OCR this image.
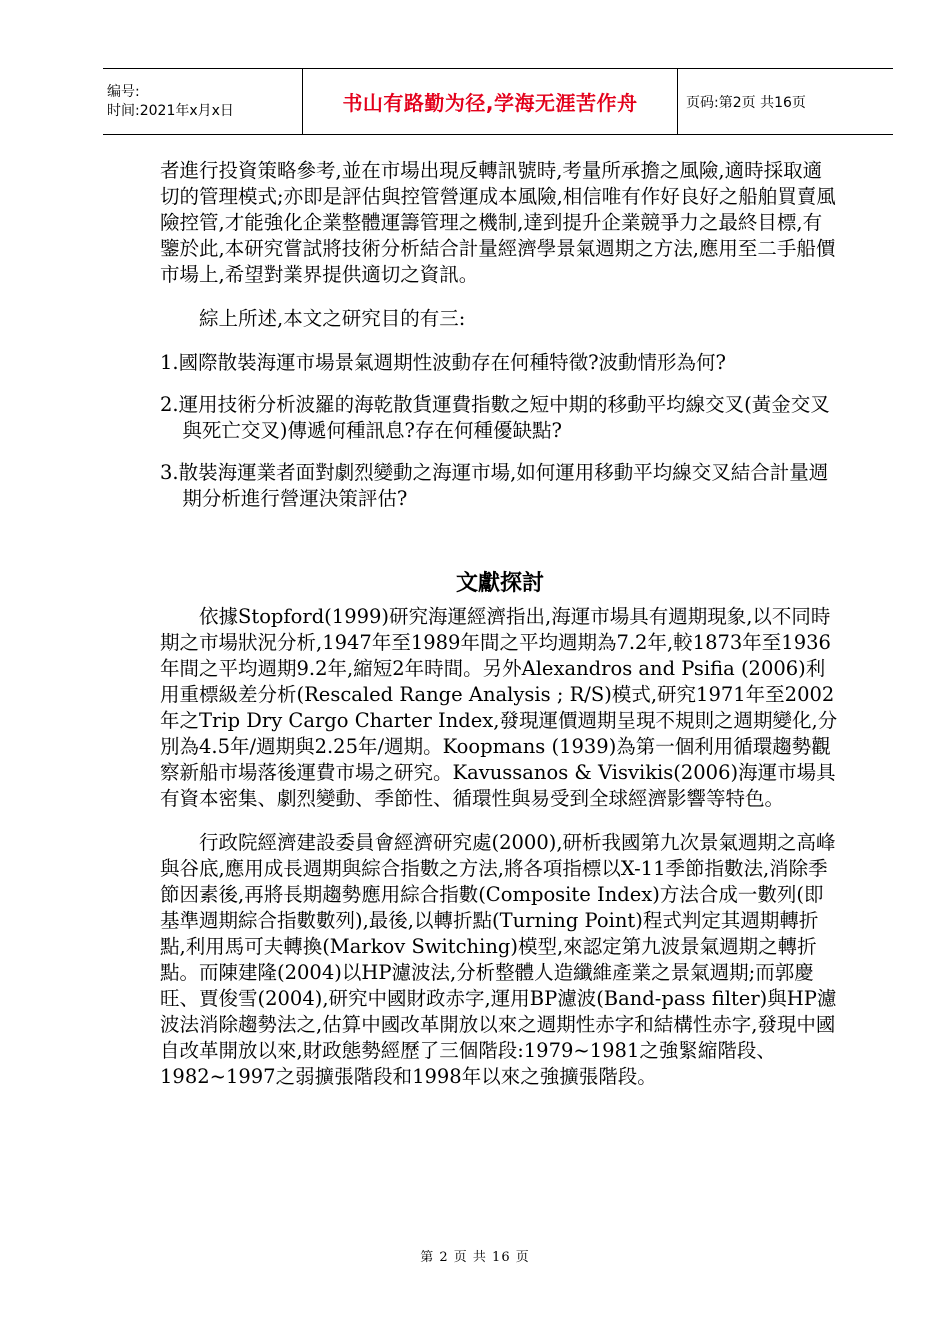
编号:
时间:2021年x月x日	书山有路勤为径,学海无涯苦作舟	页码:第2页 共16页

者進行投資策略參考,並在市場出現反轉訊號時,考量所承擔之風險,適時採取適切的管理模式;亦即是評估與控管營運成本風險,相信唯有作好良好之船舶買賣風險控管,才能強化企業整體運籌管理之機制,達到提升企業競爭力之最終目標,有鑒於此,本研究嘗試將技術分析結合計量經濟學景氣週期之方法,應用至二手船價市場上,希望對業界提供適切之資訊。

綜上所述,本文之研究目的有三:

1.國際散裝海運市場景氣週期性波動存在何種特徵?波動情形為何?

2.運用技術分析波羅的海乾散貨運費指數之短中期的移動平均線交叉(黃金交叉與死亡交叉)傳遞何種訊息?存在何種優缺點?

3.散裝海運業者面對劇烈變動之海運市場,如何運用移動平均線交叉結合計量週期分析進行營運決策評估?

文獻探討

依據Stopford(1999)研究海運經濟指出,海運市場具有週期現象,以不同時期之市場狀況分析,1947年至1989年間之平均週期為7.2年,較1873年至1936年間之平均週期9.2年,縮短2年時間。另外Alexandros and Psifia (2006)利用重標級差分析(Rescaled Range Analysis ; R/S)模式,研究1971年至2002年之Trip Dry Cargo Charter Index,發現運價週期呈現不規則之週期變化,分別為4.5年/週期與2.25年/週期。Koopmans (1939)為第一個利用循環趨勢觀察新船市場落後運費市場之研究。Kavussanos & Visvikis(2006)海運市場具有資本密集、劇烈變動、季節性、循環性與易受到全球經濟影響等特色。

行政院經濟建設委員會經濟研究處(2000),研析我國第九次景氣週期之高峰與谷底,應用成長週期與綜合指數之方法,將各項指標以X-11季節指數法,消除季節因素後,再將長期趨勢應用綜合指數(Composite Index)方法合成一數列(即基準週期綜合指數數列),最後,以轉折點(Turning Point)程式判定其週期轉折點,利用馬可夫轉換(Markov Switching)模型,來認定第九波景氣週期之轉折點。而陳建隆(2004)以HP濾波法,分析整體人造纖維產業之景氣週期;而郭慶旺、賈俊雪(2004),研究中國財政赤字,運用BP濾波(Band-pass filter)與HP濾波法消除趨勢法之,估算中國改革開放以來之週期性赤字和結構性赤字,發現中國自改革開放以來,財政態勢經歷了三個階段:1979~1981之強緊縮階段、1982~1997之弱擴張階段和1998年以來之強擴張階段。

第 2 页 共 16 页
